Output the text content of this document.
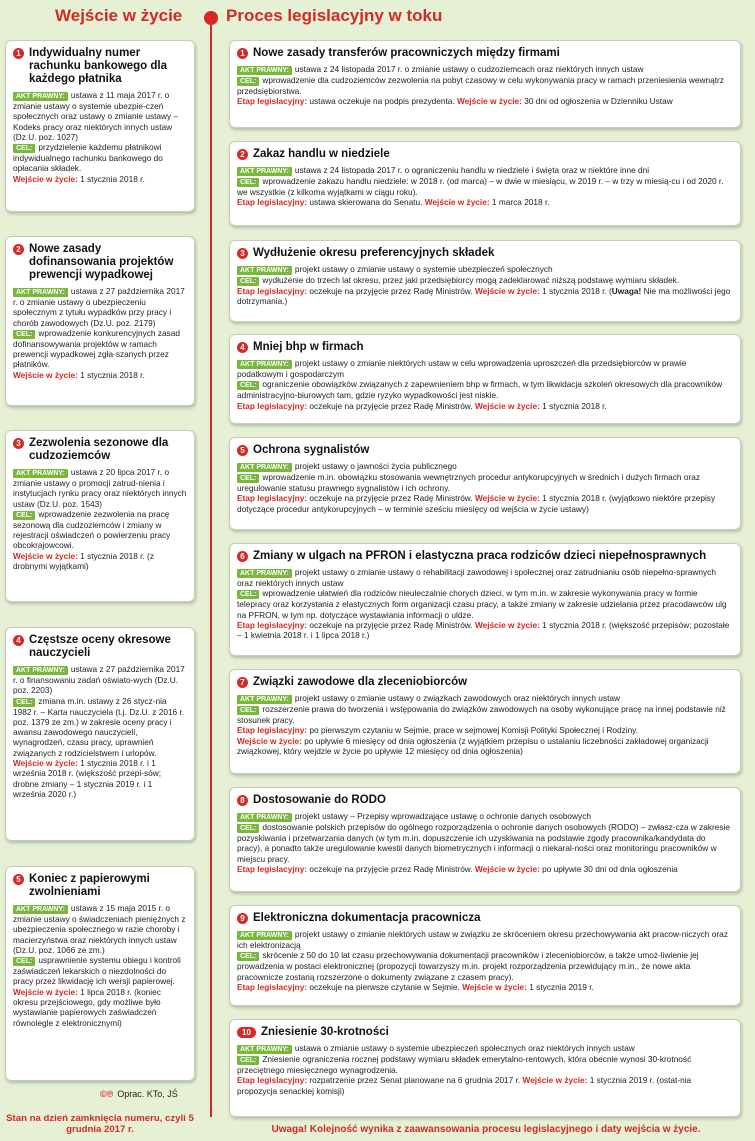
Wejście w życie	Proces legislacyjny w toku
1 Indywidualny numer rachunku bankowego dla każdego płatnika
AKT PRAWNY: ustawa z 11 maja 2017 r. o zmianie ustawy o systemie ubezpie-czeń społecznych oraz ustawy o zmianie ustawy – Kodeks pracy oraz niektórych innych ustaw (Dz.U. poz. 1027)
CEL: przydzielenie każdemu płatnikowi indywidualnego rachunku bankowego do opłacania składek.
Wejście w życie: 1 stycznia 2018 r.
2 Nowe zasady dofinansowania projektów prewencji wypadkowej
AKT PRAWNY: ustawa z 27 października 2017 r. o zmianie ustawy o ubezpieczeniu społecznym z tytułu wypadków przy pracy i chorób zawodowych (Dz.U. poz. 2179)
CEL: wprowadzenie konkurencyjnych zasad dofinansowywania projektów w ramach prewencji wypadkowej zgła-szanych przez płatników.
Wejście w życie: 1 stycznia 2018 r.
3 Zezwolenia sezonowe dla cudzoziemców
AKT PRAWNY: ustawa z 20 lipca 2017 r. o zmianie ustawy o promocji zatrud-nienia i instytucjach rynku pracy oraz niektórych innych ustaw (Dz.U. poz. 1543)
CEL: wprowadzenie zezwolenia na pracę sezonową dla cudzoziemców i zmiany w rejestracji oświadczeń o powierzeniu pracy obcokrajowcowi.
Wejście w życie: 1 stycznia 2018 r. (z drobnymi wyjątkami)
4 Częstsze oceny okresowe nauczycieli
AKT PRAWNY: ustawa z 27 października 2017 r. o finansowaniu zadań oświato-wych (Dz.U. poz. 2203)
CEL: zmiana m.in. ustawy z 26 stycz-nia 1982 r. – Karta nauczyciela (t.j. Dz.U. z 2016 r. poz. 1379 ze zm.) w zakresie oceny pracy i awansu zawodowego nauczycieli, wynagrodzeń, czasu pracy, uprawnień związanych z rodzicielstwem i urlopów.
Wejście w życie: 1 stycznia 2018 r. i 1 września 2018 r. (większość przepi-sów; drobne zmiany – 1 stycznia 2019 r. i 1 września 2020 r.)
5 Koniec z papierowymi zwolnieniami
AKT PRAWNY: ustawa z 15 maja 2015 r. o zmianie ustawy o świadczeniach pieniężnych z ubezpieczenia społecznego w razie choroby i macierzyństwa oraz niektórych innych ustaw (Dz.U. poz. 1066 ze zm.)
CEL: usprawnienie systemu obiegu i kontroli zaświadczeń lekarskich o niezdolności do pracy przez likwidację ich wersji papierowej.
Wejście w życie: 1 lipca 2018 r. (koniec okresu przejściowego, gdy możliwe było wystawianie papierowych zaświadczeń równolegle z elektronicznymi)
©℗ Oprac. KTo, JŚ
Stan na dzień zamknięcia numeru, czyli 5 grudnia 2017 r.
1 Nowe zasady transferów pracowniczych między firmami
AKT PRAWNY: ustawa z 24 listopada 2017 r. o zmianie ustawy o cudzoziemcach oraz niektórych innych ustaw
CEL: wprowadzenie dla cudzoziemców zezwolenia na pobyt czasowy w celu wykonywania pracy w ramach przeniesienia wewnątrz przedsiębiorstwa.
Etap legislacyjny: ustawa oczekuje na podpis prezydenta. Wejście w życie: 30 dni od ogłoszenia w Dzienniku Ustaw
2 Zakaz handlu w niedziele
AKT PRAWNY: ustawa z 24 listopada 2017 r. o ograniczeniu handlu w niedziele i święta oraz w niektóre inne dni
CEL: wprowadzenie zakazu handlu niedziele: w 2018 r. (od marca) – w dwie w miesiącu, w 2019 r. – w trzy w miesią-cu i od 2020 r. we wszystkie (z kilkoma wyjątkami w ciągu roku).
Etap legislacyjny: ustawa skierowana do Senatu. Wejście w życie: 1 marca 2018 r.
3 Wydłużenie okresu preferencyjnych składek
AKT PRAWNY: projekt ustawy o zmianie ustawy o systemie ubezpieczeń społecznych
CEL: wydłużenie do trzech lat okresu, przez jaki przedsiębiorcy mogą zadeklarować niższą podstawę wymiaru składek.
Etap legislacyjny: oczekuje na przyjęcie przez Radę Ministrów. Wejście w życie: 1 stycznia 2018 r. (Uwaga! Nie ma możliwości jego dotrzymania.)
4 Mniej bhp w firmach
AKT PRAWNY: projekt ustawy o zmianie niektórych ustaw w celu wprowadzenia uproszczeń dla przedsiębiorców w prawie podatkowym i gospodarczym
CEL: ograniczenie obowiązków związanych z zapewnieniem bhp w firmach, w tym likwidacja szkoleń okresowych dla pracowników administracyjno-biurowych tam, gdzie ryzyko wypadkowości jest niskie.
Etap legislacyjny: oczekuje na przyjęcie przez Radę Ministrów. Wejście w życie: 1 stycznia 2018 r.
5 Ochrona sygnalistów
AKT PRAWNY: projekt ustawy o jawności życia publicznego
CEL: wprowadzenie m.in. obowiązku stosowania wewnętrznych procedur antykorupcyjnych w średnich i dużych firmach oraz uregulowanie statusu prawnego sygnalistów i ich ochrony.
Etap legislacyjny: oczekuje na przyjęcie przez Radę Ministrów. Wejście w życie: 1 stycznia 2018 r. (wyjątkowo niektóre przepisy dotyczące procedur antykorupcyjnych – w terminie sześciu miesięcy od wejścia w życie ustawy)
6 Zmiany w ulgach na PFRON i elastyczna praca rodziców dzieci niepełnosprawnych
AKT PRAWNY: projekt ustawy o zmianie ustawy o rehabilitacji zawodowej i społecznej oraz zatrudnianiu osób niepełno-sprawnych oraz niektórych innych ustaw
CEL: wprowadzenie ułatwień dla rodziców nieuleczalnie chorych dzieci, w tym m.in. w zakresie wykonywania pracy w formie telepracy oraz korzystania z elastycznych form organizacji czasu pracy, a także zmiany w zakresie udzielania przez pracodawców ulg na PFRON, w tym np. dotyczące wystawiania informacji o uldze.
Etap legislacyjny: oczekuje na przyjęcie przez Radę Ministrów. Wejście w życie: 1 stycznia 2018 r. (większość przepisów; pozostałe – 1 kwietnia 2018 r. i 1 lipca 2018 r.)
7 Związki zawodowe dla zleceniobiorców
AKT PRAWNY: projekt ustawy o zmianie ustawy o związkach zawodowych oraz niektórych innych ustaw
CEL: rozszerzenie prawa do tworzenia i wstępowania do związków zawodowych na osoby wykonujące pracę na innej podstawie niż stosunek pracy.
Etap legislacyjny: po pierwszym czytaniu w Sejmie, prace w sejmowej Komisji Polityki Społecznej i Rodziny.
Wejście w życie: po upływie 6 miesięcy od dnia ogłoszenia (z wyjątkiem przepisu o ustalaniu liczebności zakładowej organizacji związkowej, który wejdzie w życie po upływie 12 miesięcy od dnia ogłoszenia)
8 Dostosowanie do RODO
AKT PRAWNY: projekt ustawy – Przepisy wprowadzające ustawę o ochronie danych osobowych
CEL: dostosowanie polskich przepisów do ogólnego rozporządzenia o ochronie danych osobowych (RODO) – zwłasz-cza w zakresie pozyskiwania i przetwarzania danych (w tym m.in. dopuszczenie ich uzyskiwania na podstawie zgody pracownika/kandydata do pracy), a ponadto także uregulowanie kwestii danych biometrycznych i informacji o niekaral-ności oraz monitoringu pracowników w miejscu pracy.
Etap legislacyjny: oczekuje na przyjęcie przez Radę Ministrów. Wejście w życie: po upływie 30 dni od dnia ogłoszenia
9 Elektroniczna dokumentacja pracownicza
AKT PRAWNY: projekt ustawy o zmianie niektórych ustaw w związku ze skróceniem okresu przechowywania akt pracow-niczych oraz ich elektronizacją
CEL: skrócenie z 50 do 10 lat czasu przechowywania dokumentacji pracowników i zleceniobiorców, a także umoż-liwienie jej prowadzenia w postaci elektronicznej (propozycji towarzyszy m.in. projekt rozporządzenia przewidujący m.in., że nowe akta pracownicze zostaną rozszerzone o dokumenty związane z czasem pracy).
Etap legislacyjny: oczekuje na pierwsze czytanie w Sejmie. Wejście w życie: 1 stycznia 2019 r.
10 Zniesienie 30-krotności
AKT PRAWNY: ustawa o zmianie ustawy o systemie ubezpieczeń społecznych oraz niektórych innych ustaw
CEL: Zniesienie ograniczenia rocznej podstawy wymiaru składek emerytalno-rentowych, która obecnie wynosi 30-krotność przeciętnego miesięcznego wynagrodzenia.
Etap legislacyjny: rozpatrzenie przez Senat planowane na 6 grudnia 2017 r. Wejście w życie: 1 stycznia 2019 r. (ostat-nia propozycja senackiej komisji)
Uwaga! Kolejność wynika z zaawansowania procesu legislacyjnego i daty wejścia w życie.
